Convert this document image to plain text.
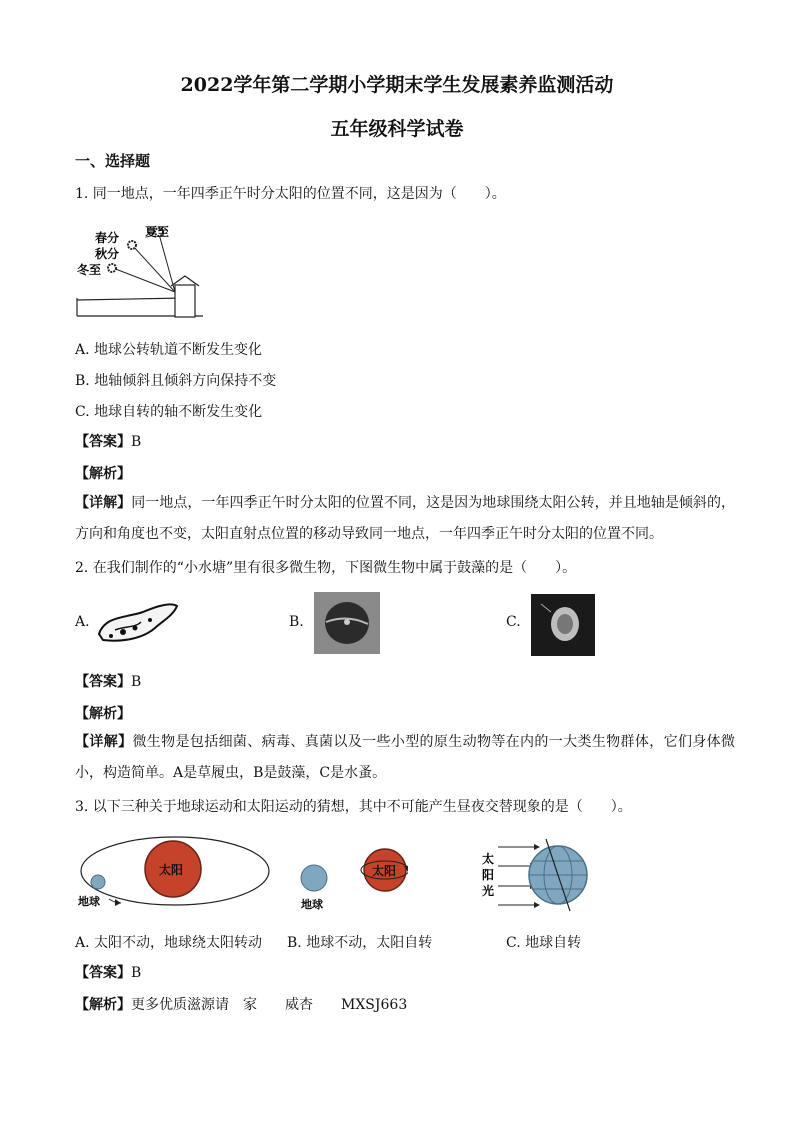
2022学年第二学期小学期末学生发展素养监测活动
五年级科学试卷
一、选择题
1. 同一地点，一年四季正午时分太阳的位置不同，这是因为（　　）。
夏至
春分
秋分
冬至
A. 地球公转轨道不断发生变化
B. 地轴倾斜且倾斜方向保持不变
C. 地球自转的轴不断发生变化
【答案】B
【解析】
【详解】同一地点，一年四季正午时分太阳的位置不同，这是因为地球围绕太阳公转，并且地轴是倾斜的，方向和角度也不变，太阳直射点位置的移动导致同一地点，一年四季正午时分太阳的位置不同。
2. 在我们制作的“小水塘”里有很多微生物，下图微生物中属于鼓藻的是（　　）。
A.	B.	C.
【答案】B
【解析】
【详解】微生物是包括细菌、病毒、真菌以及一些小型的原生动物等在内的一大类生物群体，它们身体微小，构造简单。A是草履虫，B是鼓藻，C是水蚤。
3. 以下三种关于地球运动和太阳运动的猜想，其中不可能产生昼夜交替现象的是（　　）。
太阳
地球	地球
太阳
太
阳
光
A. 太阳不动，地球绕太阳转动 B. 地球不动，太阳自转	C. 地球自转
【答案】B
【解析】更多优质滋源请　家　　威杏　　MXSJ663
